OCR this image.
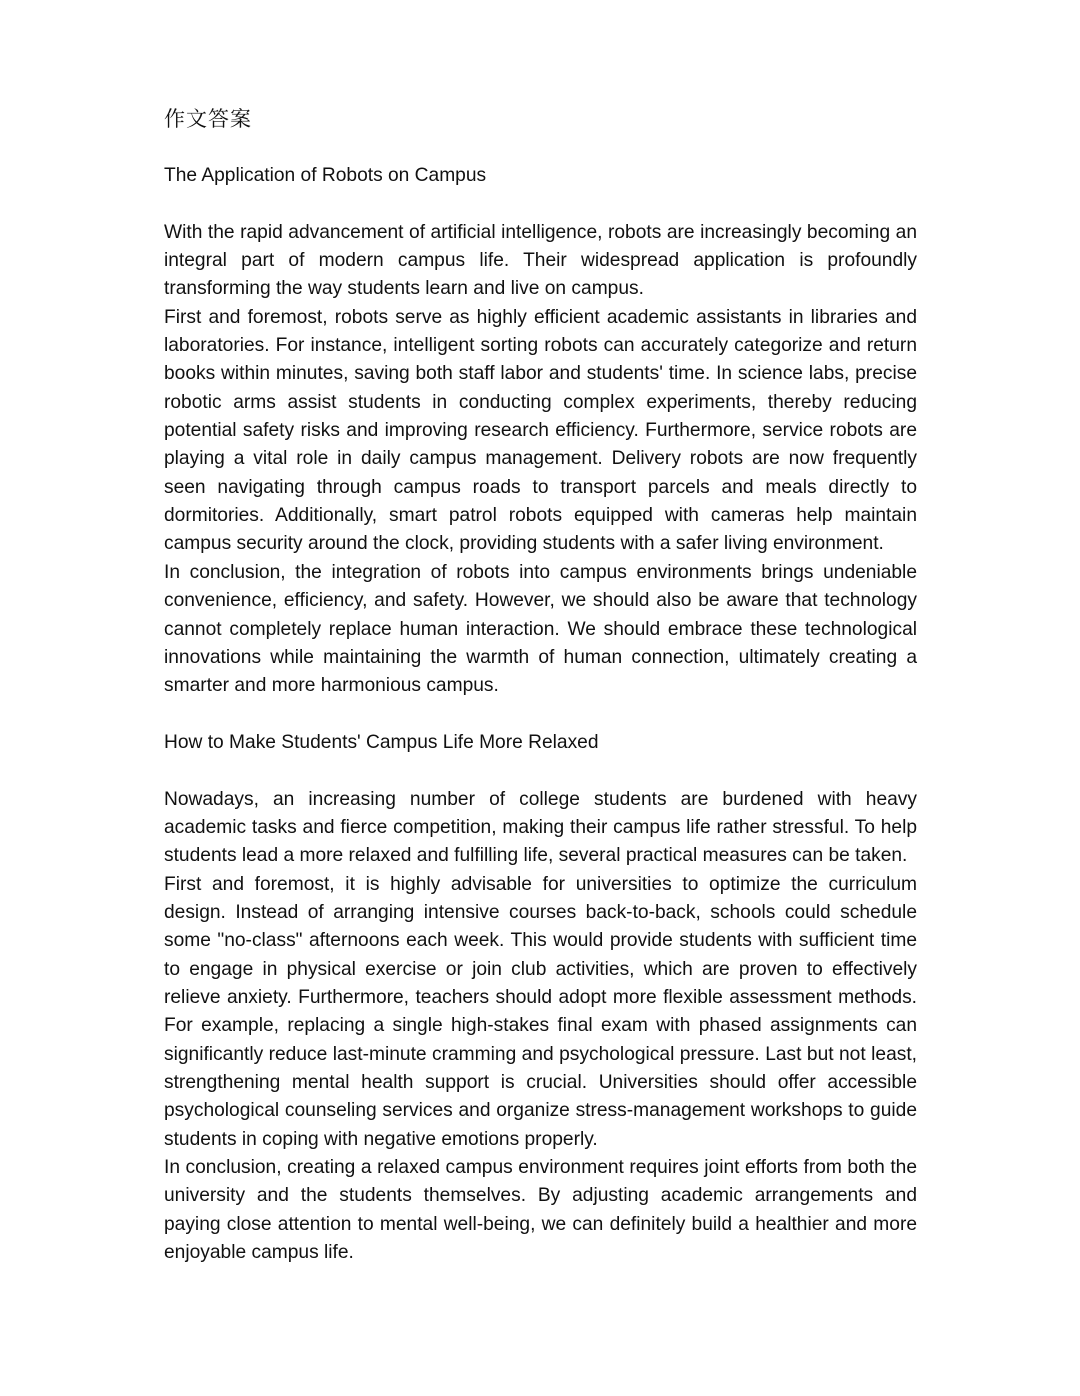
作文答案
The Application of Robots on Campus

With the rapid advancement of artificial intelligence, robots are increasingly becoming an integral part of modern campus life. Their widespread application is profoundly transforming the way students learn and live on campus.

First and foremost, robots serve as highly efficient academic assistants in libraries and laboratories. For instance, intelligent sorting robots can accurately categorize and return books within minutes, saving both staff labor and students' time. In science labs, precise robotic arms assist students in conducting complex experiments, thereby reducing potential safety risks and improving research efficiency. Furthermore, service robots are playing a vital role in daily campus management. Delivery robots are now frequently seen navigating through campus roads to transport parcels and meals directly to dormitories. Additionally, smart patrol robots equipped with cameras help maintain campus security around the clock, providing students with a safer living environment.

In conclusion, the integration of robots into campus environments brings undeniable convenience, efficiency, and safety. However, we should also be aware that technology cannot completely replace human interaction. We should embrace these technological innovations while maintaining the warmth of human connection, ultimately creating a smarter and more harmonious campus.

How to Make Students' Campus Life More Relaxed

Nowadays, an increasing number of college students are burdened with heavy academic tasks and fierce competition, making their campus life rather stressful. To help students lead a more relaxed and fulfilling life, several practical measures can be taken.

First and foremost, it is highly advisable for universities to optimize the curriculum design. Instead of arranging intensive courses back-to-back, schools could schedule some "no-class" afternoons each week. This would provide students with sufficient time to engage in physical exercise or join club activities, which are proven to effectively relieve anxiety. Furthermore, teachers should adopt more flexible assessment methods. For example, replacing a single high-stakes final exam with phased assignments can significantly reduce last-minute cramming and psychological pressure. Last but not least, strengthening mental health support is crucial. Universities should offer accessible psychological counseling services and organize stress-management workshops to guide students in coping with negative emotions properly.

In conclusion, creating a relaxed campus environment requires joint efforts from both the university and the students themselves. By adjusting academic arrangements and paying close attention to mental well-being, we can definitely build a healthier and more enjoyable campus life.
